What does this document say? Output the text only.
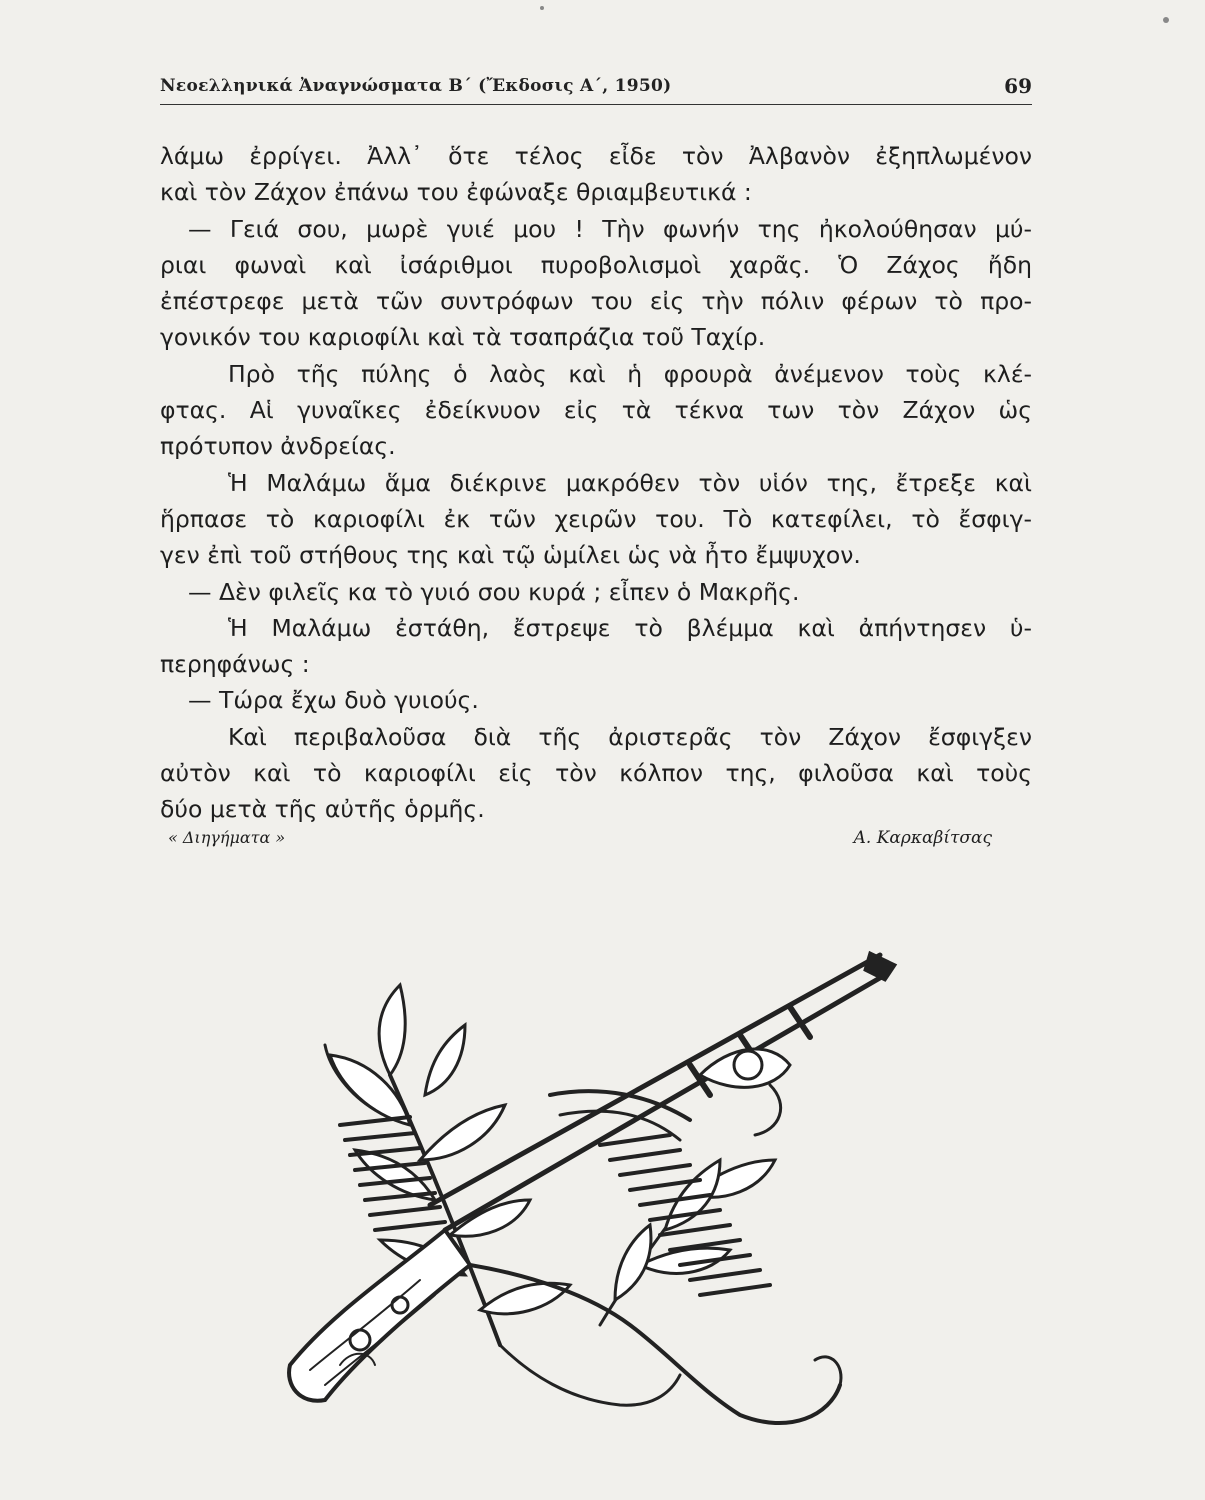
Νεοελληνικά Ἀναγνώσματα Β΄ (Ἔκδοσις Α΄, 1950)	69
λάμω ἐρρίγει. Ἀλλ᾽ ὅτε τέλος εἶδε τὸν Ἀλβανὸν ἐξηπλωμένον
καὶ τὸν Ζάχον ἐπάνω του ἐφώναξε θριαμβευτικά :
— Γειά σου, μωρὲ γυιέ μου ! Τὴν φωνήν της ἠκολούθησαν μύ-
ριαι φωναὶ καὶ ἰσάριθμοι πυροβολισμοὶ χαρᾶς. Ὁ Ζάχος ἤδη
ἐπέστρεφε μετὰ τῶν συντρόφων του εἰς τὴν πόλιν φέρων τὸ προ-
γονικόν του καριοφίλι καὶ τὰ τσαπράζια τοῦ Ταχίρ.
Πρὸ τῆς πύλης ὁ λαὸς καὶ ἡ φρουρὰ ἀνέμενον τοὺς κλέ-
φτας. Αἱ γυναῖκες ἐδείκνυον εἰς τὰ τέκνα των τὸν Ζάχον ὡς
πρότυπον ἀνδρείας.
Ἡ Μαλάμω ἅμα διέκρινε μακρόθεν τὸν υἱόν της, ἔτρεξε καὶ
ἥρπασε τὸ καριοφίλι ἐκ τῶν χειρῶν του. Τὸ κατεφίλει, τὸ ἔσφιγ-
γεν ἐπὶ τοῦ στήθους της καὶ τῷ ὡμίλει ὡς νὰ ἦτο ἔμψυχον.
— Δὲν φιλεῖς κα τὸ γυιό σου κυρά ; εἶπεν ὁ Μακρῆς.
Ἡ Μαλάμω ἐστάθη, ἔστρεψε τὸ βλέμμα καὶ ἀπήντησεν ὑ-
περηφάνως :
— Τώρα ἔχω δυὸ γυιούς.
Καὶ περιβαλοῦσα διὰ τῆς ἀριστερᾶς τὸν Ζάχον ἔσφιγξεν
αὐτὸν καὶ τὸ καριοφίλι εἰς τὸν κόλπον της, φιλοῦσα καὶ τοὺς
δύο μετὰ τῆς αὐτῆς ὁρμῆς.
« Διηγήματα »	Α. Καρκαβίτσας
